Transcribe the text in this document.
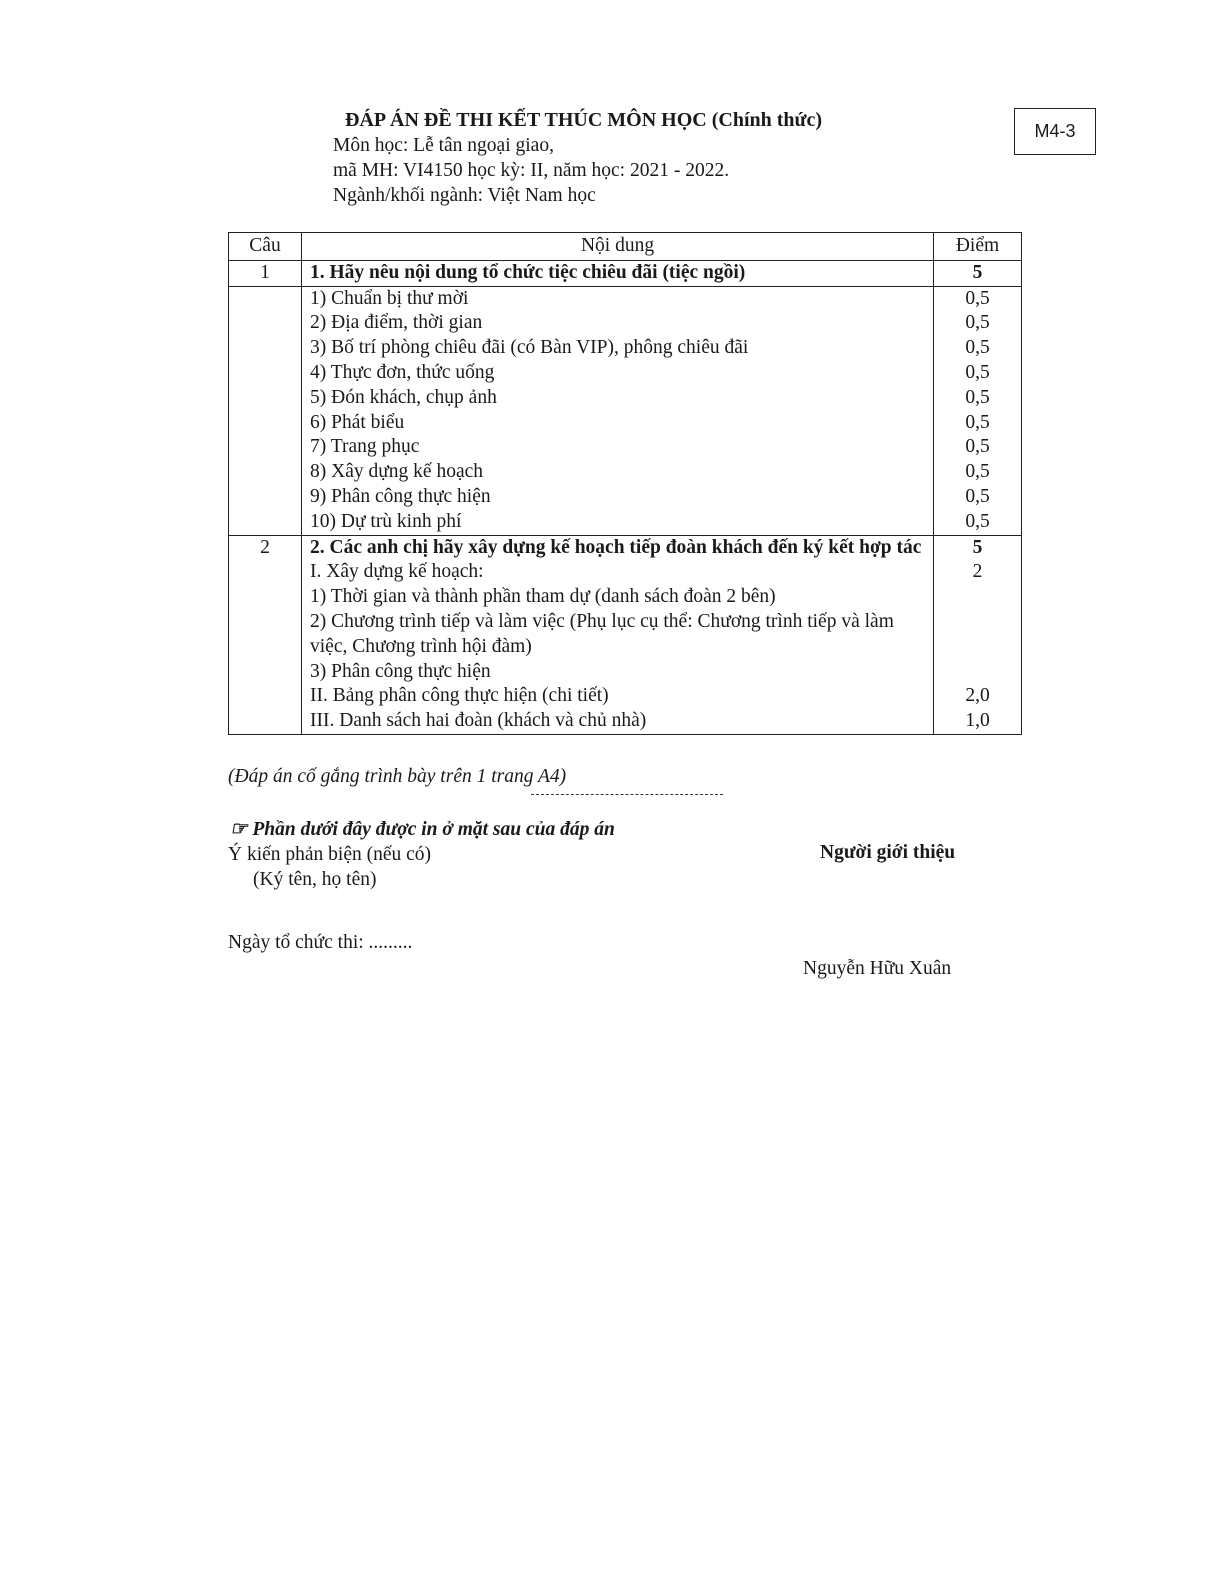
M4-3
ĐÁP ÁN ĐỀ THI KẾT THÚC MÔN HỌC (Chính thức)
Môn học: Lễ tân ngoại giao,
mã MH: VI4150 học kỳ: II, năm học: 2021 - 2022.
Ngành/khối ngành: Việt Nam học
Câu	Nội dung	Điểm
1	1. Hãy nêu nội dung tổ chức tiệc chiêu đãi (tiệc ngồi)	5
	1) Chuẩn bị thư mời	0,5
	2) Địa điểm, thời gian	0,5
	3) Bố trí phòng chiêu đãi (có Bàn VIP), phông chiêu đãi	0,5
	4) Thực đơn, thức uống	0,5
	5) Đón khách, chụp ảnh	0,5
	6) Phát biểu	0,5
	7) Trang phục	0,5
	8) Xây dựng kế hoạch	0,5
	9) Phân công thực hiện	0,5
	10) Dự trù kinh phí	0,5
2	2. Các anh chị hãy xây dựng kế hoạch tiếp đoàn khách đến ký kết hợp tác	5
	I. Xây dựng kế hoạch:	2
	1) Thời gian và thành phần tham dự (danh sách đoàn 2 bên)	
	2) Chương trình tiếp và làm việc (Phụ lục cụ thể: Chương trình tiếp và làm việc, Chương trình hội đàm)	
	3) Phân công thực hiện	
	II. Bảng phân công thực hiện (chi tiết)	2,0
	III. Danh sách hai đoàn (khách và chủ nhà)	1,0
(Đáp án cố gắng trình bày trên 1 trang A4)
☞ Phần dưới đây được in ở mặt sau của đáp án
Ý kiến phản biện (nếu có)
(Ký tên, họ tên)
Người giới thiệu
Ngày tổ chức thi: .........
Nguyễn Hữu Xuân
